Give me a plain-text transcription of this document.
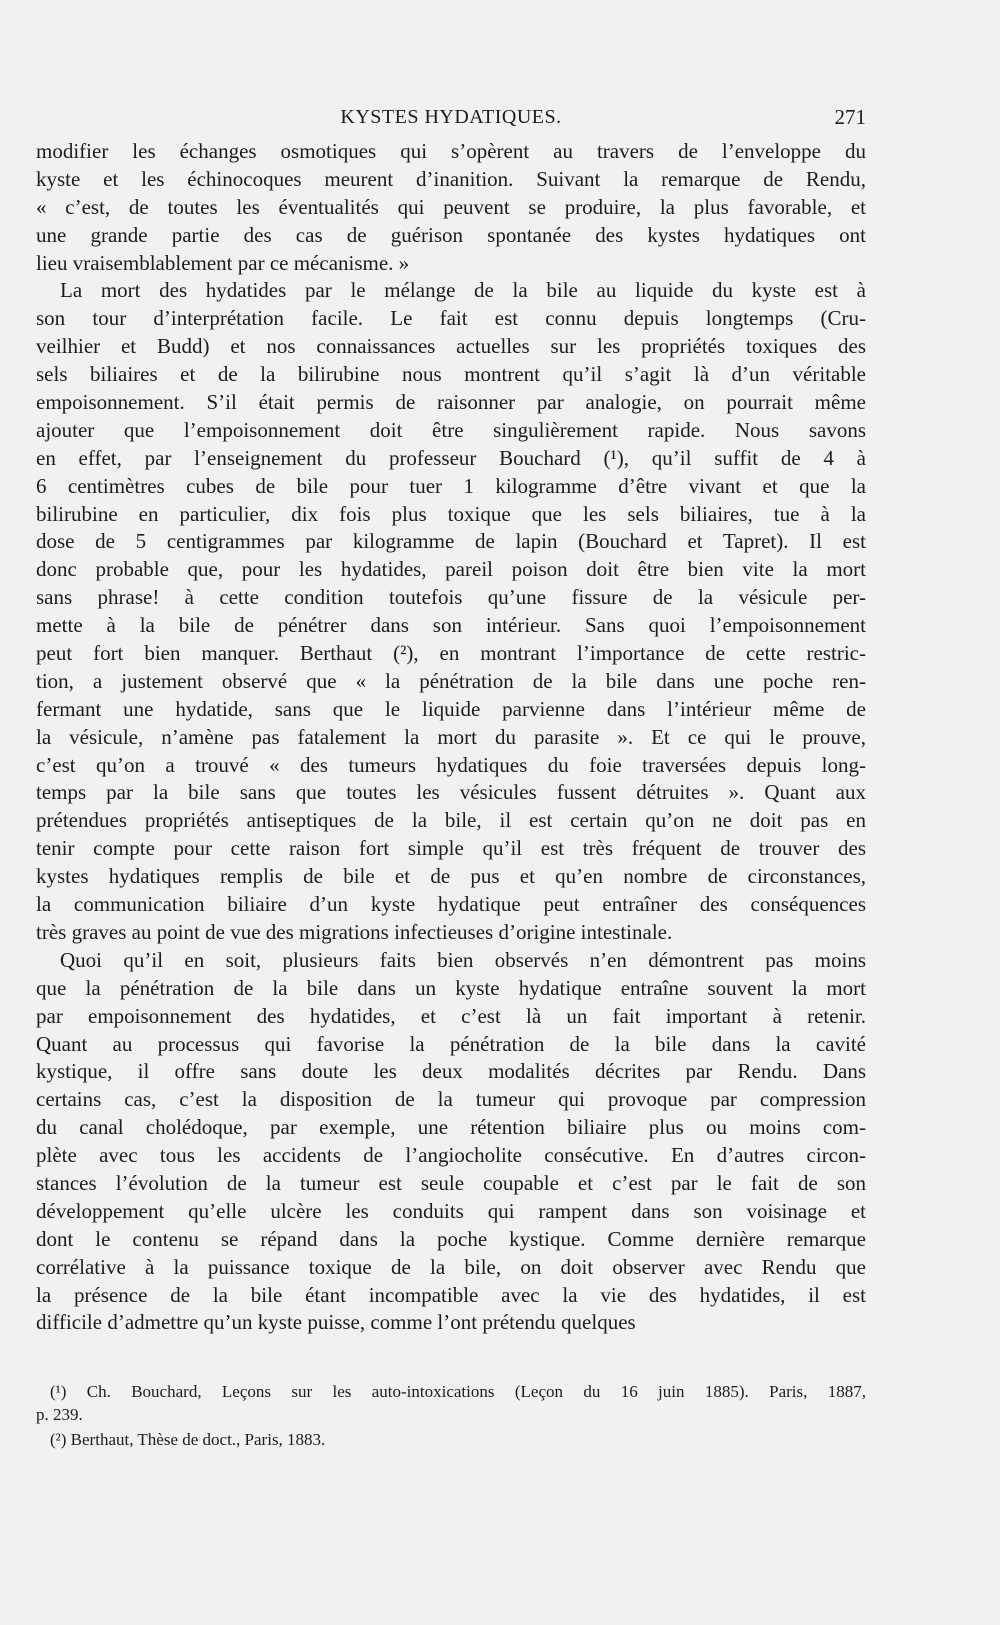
KYSTES HYDATIQUES.	271
modifier les échanges osmotiques qui s’opèrent au travers de l’enveloppe du
kyste et les échinocoques meurent d’inanition. Suivant la remarque de Rendu,
« c’est, de toutes les éventualités qui peuvent se produire, la plus favorable, et
une grande partie des cas de guérison spontanée des kystes hydatiques ont
lieu vraisemblablement par ce mécanisme. »
La mort des hydatides par le mélange de la bile au liquide du kyste est à
son tour d’interprétation facile. Le fait est connu depuis longtemps (Cru-
veilhier et Budd) et nos connaissances actuelles sur les propriétés toxiques des
sels biliaires et de la bilirubine nous montrent qu’il s’agit là d’un véritable
empoisonnement. S’il était permis de raisonner par analogie, on pourrait même
ajouter que l’empoisonnement doit être singulièrement rapide. Nous savons
en effet, par l’enseignement du professeur Bouchard (¹), qu’il suffit de 4 à
6 centimètres cubes de bile pour tuer 1 kilogramme d’être vivant et que la
bilirubine en particulier, dix fois plus toxique que les sels biliaires, tue à la
dose de 5 centigrammes par kilogramme de lapin (Bouchard et Tapret). Il est
donc probable que, pour les hydatides, pareil poison doit être bien vite la mort
sans phrase! à cette condition toutefois qu’une fissure de la vésicule per-
mette à la bile de pénétrer dans son intérieur. Sans quoi l’empoisonnement
peut fort bien manquer. Berthaut (²), en montrant l’importance de cette restric-
tion, a justement observé que « la pénétration de la bile dans une poche ren-
fermant une hydatide, sans que le liquide parvienne dans l’intérieur même de
la vésicule, n’amène pas fatalement la mort du parasite ». Et ce qui le prouve,
c’est qu’on a trouvé « des tumeurs hydatiques du foie traversées depuis long-
temps par la bile sans que toutes les vésicules fussent détruites ». Quant aux
prétendues propriétés antiseptiques de la bile, il est certain qu’on ne doit pas en
tenir compte pour cette raison fort simple qu’il est très fréquent de trouver des
kystes hydatiques remplis de bile et de pus et qu’en nombre de circonstances,
la communication biliaire d’un kyste hydatique peut entraîner des conséquences
très graves au point de vue des migrations infectieuses d’origine intestinale.
Quoi qu’il en soit, plusieurs faits bien observés n’en démontrent pas moins
que la pénétration de la bile dans un kyste hydatique entraîne souvent la mort
par empoisonnement des hydatides, et c’est là un fait important à retenir.
Quant au processus qui favorise la pénétration de la bile dans la cavité
kystique, il offre sans doute les deux modalités décrites par Rendu. Dans
certains cas, c’est la disposition de la tumeur qui provoque par compression
du canal cholédoque, par exemple, une rétention biliaire plus ou moins com-
plète avec tous les accidents de l’angiocholite consécutive. En d’autres circon-
stances l’évolution de la tumeur est seule coupable et c’est par le fait de son
développement qu’elle ulcère les conduits qui rampent dans son voisinage et
dont le contenu se répand dans la poche kystique. Comme dernière remarque
corrélative à la puissance toxique de la bile, on doit observer avec Rendu que
la présence de la bile étant incompatible avec la vie des hydatides, il est
difficile d’admettre qu’un kyste puisse, comme l’ont prétendu quelques
(¹) Ch. Bouchard, Leçons sur les auto-intoxications (Leçon du 16 juin 1885). Paris, 1887,
p. 239.
(²) Berthaut, Thèse de doct., Paris, 1883.
